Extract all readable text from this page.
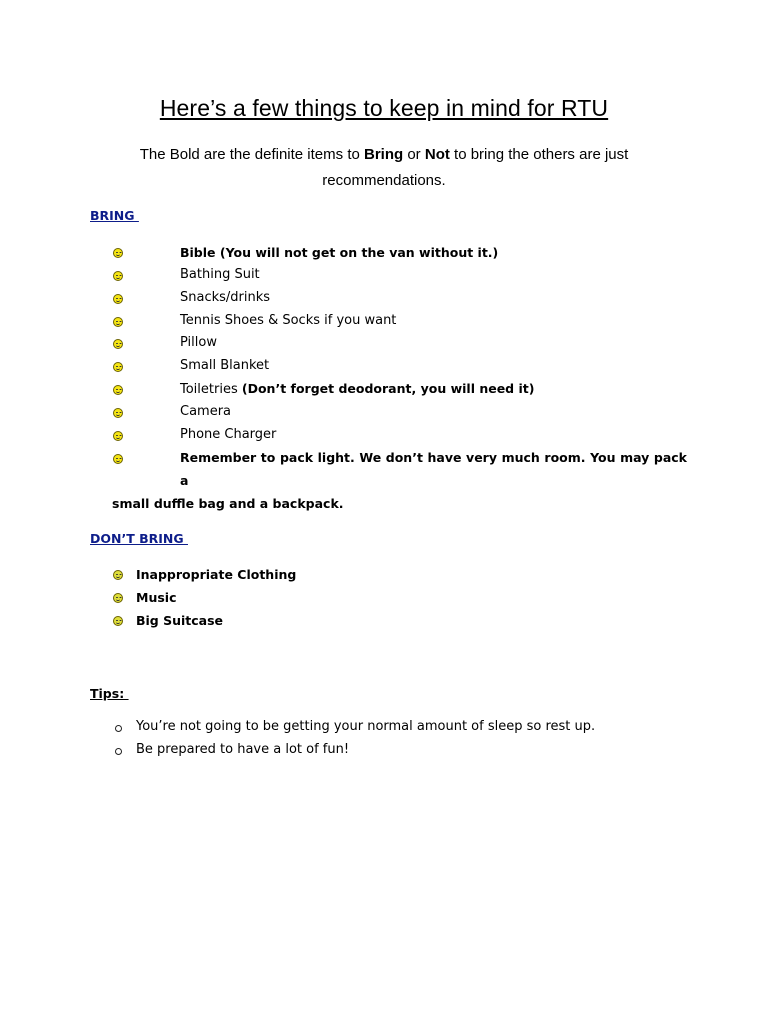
Here’s a few things to keep in mind for RTU
The Bold are the definite items to Bring or Not to bring the others are just recommendations.
BRING
Bible (You will not get on the van without it.)
Bathing Suit
Snacks/drinks
Tennis Shoes & Socks if you want
Pillow
Small Blanket
Toiletries (Don’t forget deodorant, you will need it)
Camera
Phone Charger
Remember to pack light. We don’t have very much room. You may pack a
small duffle bag and a backpack.
DON’T BRING
Inappropriate Clothing
Music
Big Suitcase
Tips:
You’re not going to be getting your normal amount of sleep so rest up.
Be prepared to have a lot of fun!
